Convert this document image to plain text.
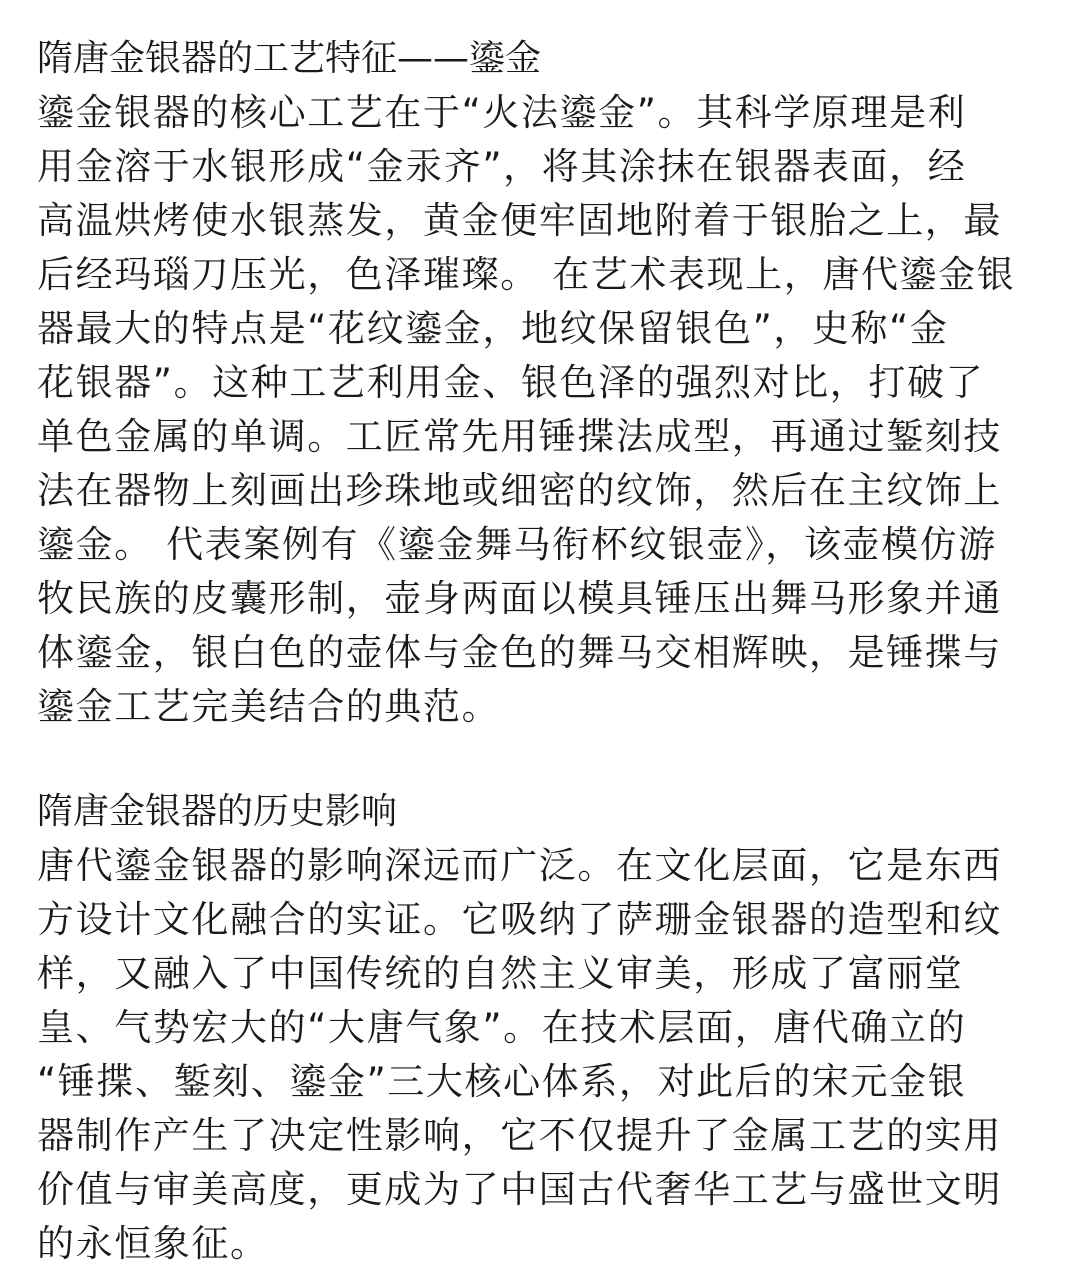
隋唐金银器的工艺特征——鎏金

鎏金银器的核心工艺在于“火法鎏金”。其科学原理是利

用金溶于水银形成“金汞齐”，将其涂抹在银器表面，经

高温烘烤使水银蒸发，黄金便牢固地附着于银胎之上，最

后经玛瑙刀压光，色泽璀璨。 在艺术表现上，唐代鎏金银

器最大的特点是“花纹鎏金，地纹保留银色”，史称“金

花银器”。这种工艺利用金、银色泽的强烈对比，打破了

单色金属的单调。工匠常先用锤揲法成型，再通过錾刻技

法在器物上刻画出珍珠地或细密的纹饰，然后在主纹饰上

鎏金。 代表案例有《鎏金舞马衔杯纹银壶》，该壶模仿游

牧民族的皮囊形制，壶身两面以模具锤压出舞马形象并通

体鎏金，银白色的壶体与金色的舞马交相辉映，是锤揲与

鎏金工艺完美结合的典范。

隋唐金银器的历史影响

唐代鎏金银器的影响深远而广泛。在文化层面，它是东西

方设计文化融合的实证。它吸纳了萨珊金银器的造型和纹

样，又融入了中国传统的自然主义审美，形成了富丽堂

皇、气势宏大的“大唐气象”。在技术层面，唐代确立的

“锤揲、錾刻、鎏金”三大核心体系，对此后的宋元金银

器制作产生了决定性影响，它不仅提升了金属工艺的实用

价值与审美高度，更成为了中国古代奢华工艺与盛世文明

的永恒象征。
